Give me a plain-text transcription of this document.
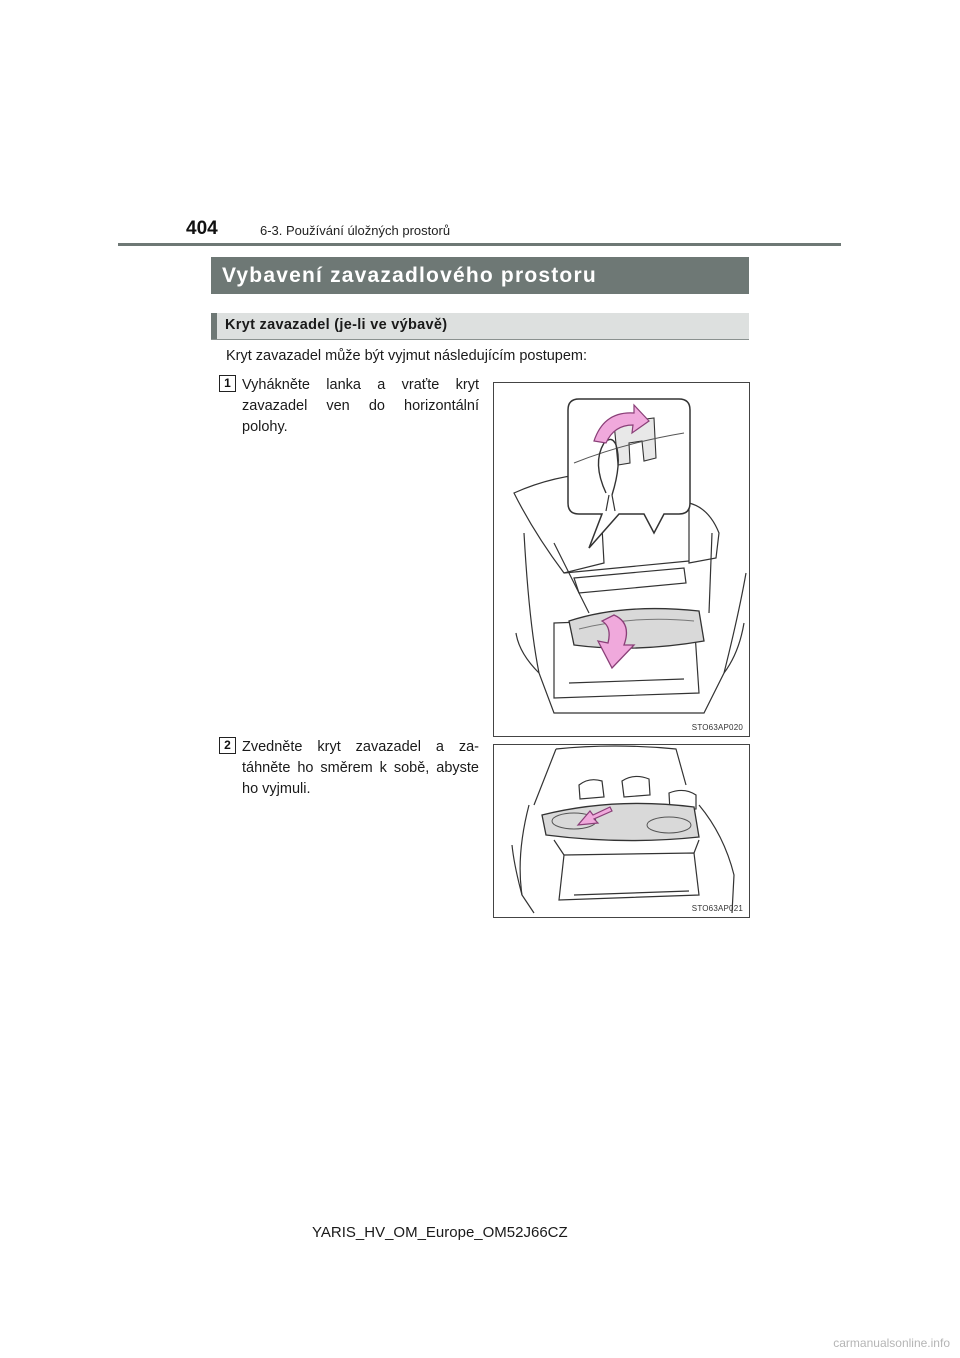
404	6-3. Používání úložných prostorů
Vybavení zavazadlového prostoru
Kryt zavazadel (je-li ve výbavě)
Kryt zavazadel může být vyjmut následujícím postupem:
1 Vyhákněte lanka a vraťte kryt zavazadel ven do horizontální polohy.
STO63AP020
2 Zvedněte kryt zavazadel a za-táhněte ho směrem k sobě, abyste ho vyjmuli.
STO63AP021
YARIS_HV_OM_Europe_OM52J66CZ
carmanualsonline.info
